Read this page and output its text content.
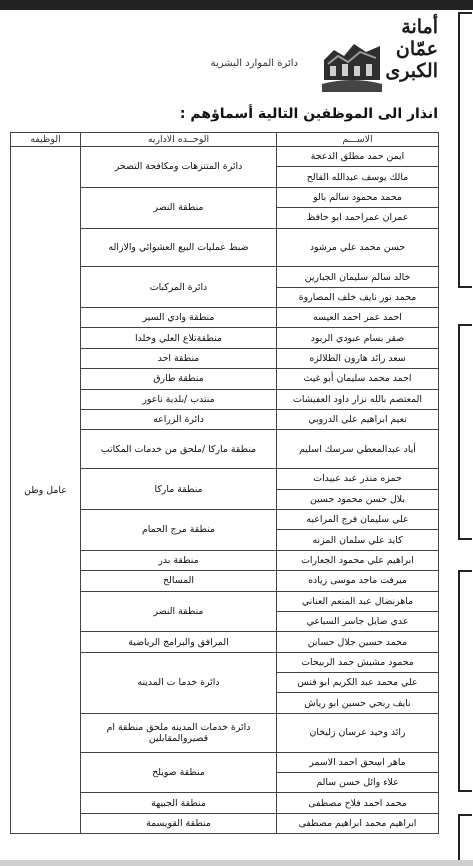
أمانة
عمّان
الكبرى
دائرة الموارد البشرية
انذار الى الموظفين التالية أسماؤهم :
الاســـم	الوحــده الاداريه	الوظيفه
ايمن حمد مطلق الدعجة	دائرة المتنزهات ومكافحة التصحر	عامل وطن
مالك يوسف عبدالله الفالح		
محمد محمود سالم بالو	منطقة النصر	
عمران عمراحمد ابو حافظ		
حسن محمد علي مرشود	ضبط عمليات البيع العشوائي والازاله	
خالد سالم سليمان الجبارين	دائرة المركبات	
محمد نور نايف خلف المصاروة		
احمد عمر احمد العيسه	منطقة وادي السير	
صقر بسام عبودي الربود	منطقةتلاع العلي وخلدا	
سعد رائد هارون الطلالزه	منطقة احد	
احمد محمد سليمان أبو غيث	منطقة طارق	
المعتصم بالله نزار داود العفيشات	منتدب /بلدية ناعور	
نعيم ابراهيم علي الدروبي	دائرة الزراعه	
أياد عبدالمعطي سرسك اسليم	منطقة ماركا /ملحق من خدمات المكاتب	
حمزه منذر عبد عبيدات	منطقة ماركا	
بلال حسن محمود حسين		
علي سليمان فرج المراعيه	منطقة مرج الحمام	
كايد علي سلمان المزنه		
ابراهيم علي محمود الجعارات	منطقة بدر	
ميرفت ماجد موسى زياده	المسالخ	
ماهرنضال عبد المنعم العناني	منطقة النصر	
عدي صايل جاسر السباعي		
محمد حسين جلال حسابن	المرافق والبرامج الرياضية	
محمود مشيش حمد الربيحات	دائرة خدما ت المدينه	
علي محمد عبد الكريم ابو فنس		
نايف ربحي حسين ابو رياش		
رائد وحيد عرسان زليخان	دائرة خدمات المدينه ملحق منطقة ام قصيروالمقابلين	
ماهر اسحق احمد الاسمر	منطقة صويلح	
علاء وائل حسن سالم		
محمد احمد فلاح مصطفى	منطقة الجبيهة	
ابراهيم محمد ابراهيم مصطفى	منطقة القويسمة	
